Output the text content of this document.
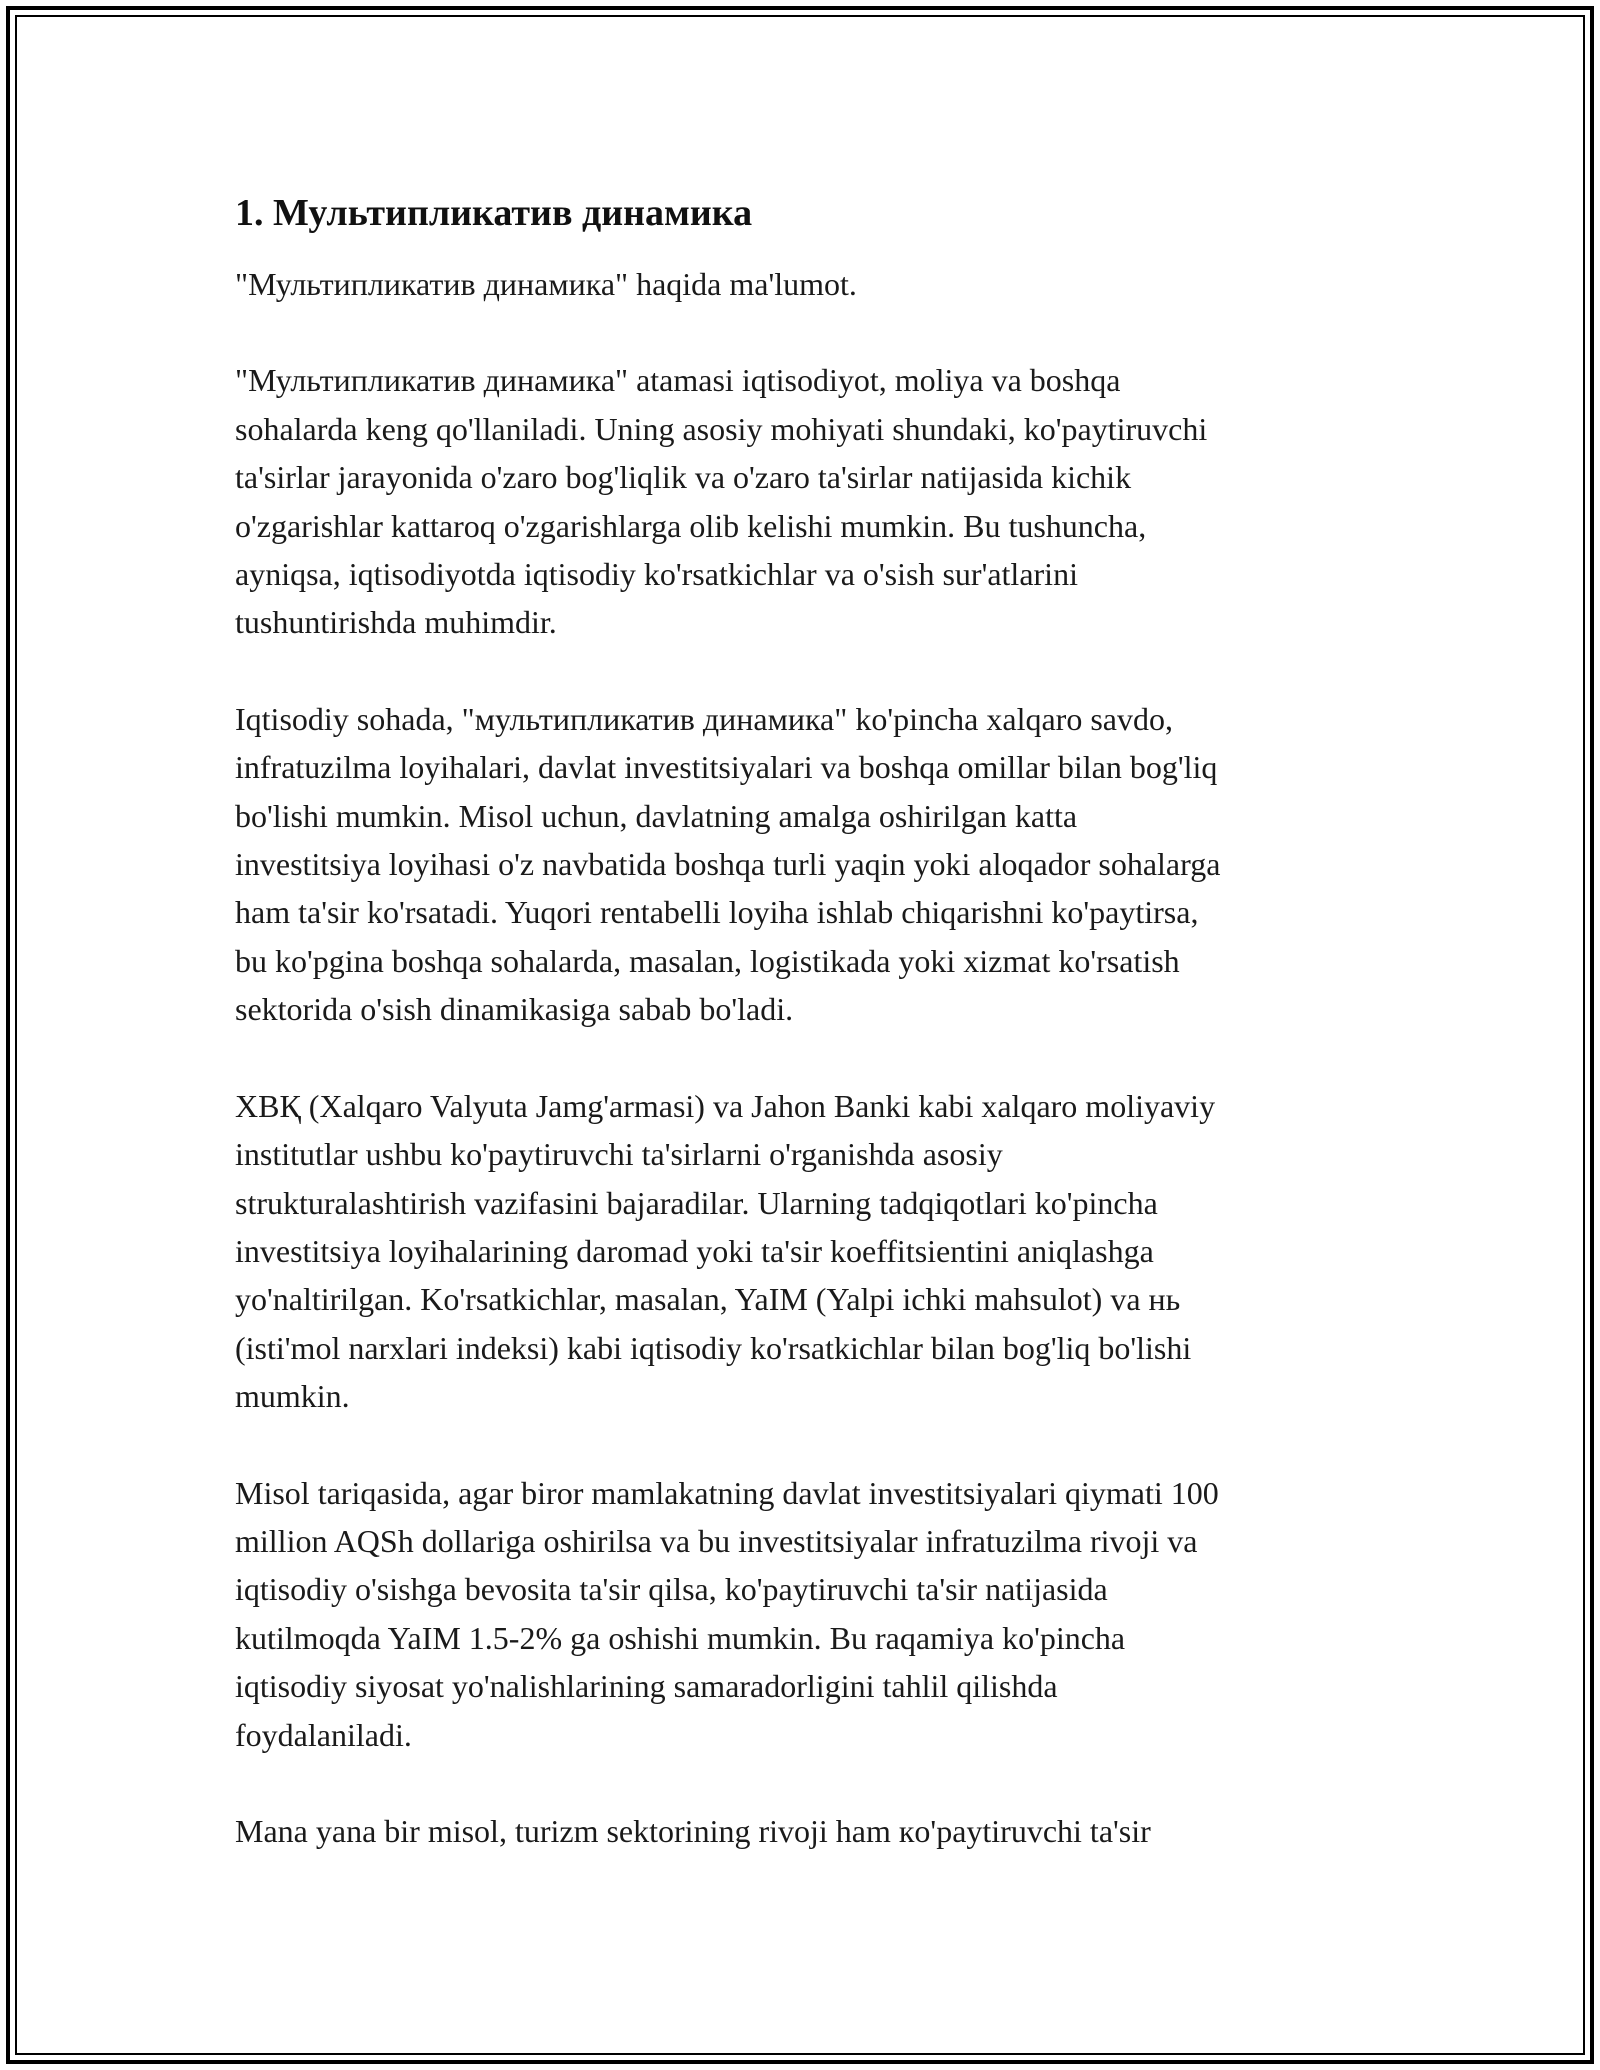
1. Мультипликатив динамика
"Мультипликатив динамика" haqida ma'lumot.
"Мультипликатив динамика" atamasi iqtisodiyot, moliya va boshqa
sohalarda keng qo'llaniladi. Uning asosiy mohiyati shundaki, ko'paytiruvchi
ta'sirlar jarayonida o'zaro bog'liqlik va o'zaro ta'sirlar natijasida kichik
o'zgarishlar kattaroq o'zgarishlarga olib kelishi mumkin. Bu tushuncha,
ayniqsa, iqtisodiyotda iqtisodiy ko'rsatkichlar va o'sish sur'atlarini
tushuntirishda muhimdir.
Iqtisodiy sohada, "мультипликатив динамика" ko'pincha xalqaro savdo,
infratuzilma loyihalari, davlat investitsiyalari va boshqa omillar bilan bog'liq
bo'lishi mumkin. Misol uchun, davlatning amalga oshirilgan katta
investitsiya loyihasi o'z navbatida boshqa turli yaqin yoki aloqador sohalarga
ham ta'sir ko'rsatadi. Yuqori rentabelli loyiha ishlab chiqarishni ko'paytirsa,
bu ko'pgina boshqa sohalarda, masalan, logistikada yoki xizmat ko'rsatish
sektorida o'sish dinamikasiga sabab bo'ladi.
ХВҚ (Xalqaro Valyuta Jamg'armasi) va Jahon Banki kabi xalqaro moliyaviy
institutlar ushbu ko'paytiruvchi ta'sirlarni o'rganishda asosiy
strukturalashtirish vazifasini bajaradilar. Ularning tadqiqotlari ko'pincha
investitsiya loyihalarining daromad yoki ta'sir koeffitsientini aniqlashga
yo'naltirilgan. Ko'rsatkichlar, masalan, YaIM (Yalpi ichki mahsulot) va нь
(isti'mol narxlari indeksi) kabi iqtisodiy ko'rsatkichlar bilan bog'liq bo'lishi
mumkin.
Misol tariqasida, agar biror mamlakatning davlat investitsiyalari qiymati 100
million AQSh dollariga oshirilsa va bu investitsiyalar infratuzilma rivoji va
iqtisodiy o'sishga bevosita ta'sir qilsa, ko'paytiruvchi ta'sir natijasida
kutilmoqda YaIM 1.5-2% ga oshishi mumkin. Bu raqamiya ko'pincha
iqtisodiy siyosat yo'nalishlarining samaradorligini tahlil qilishda
foydalaniladi.
Mana yana bir misol, turizm sektorining rivoji ham кo'paytiruvchi ta'sir
